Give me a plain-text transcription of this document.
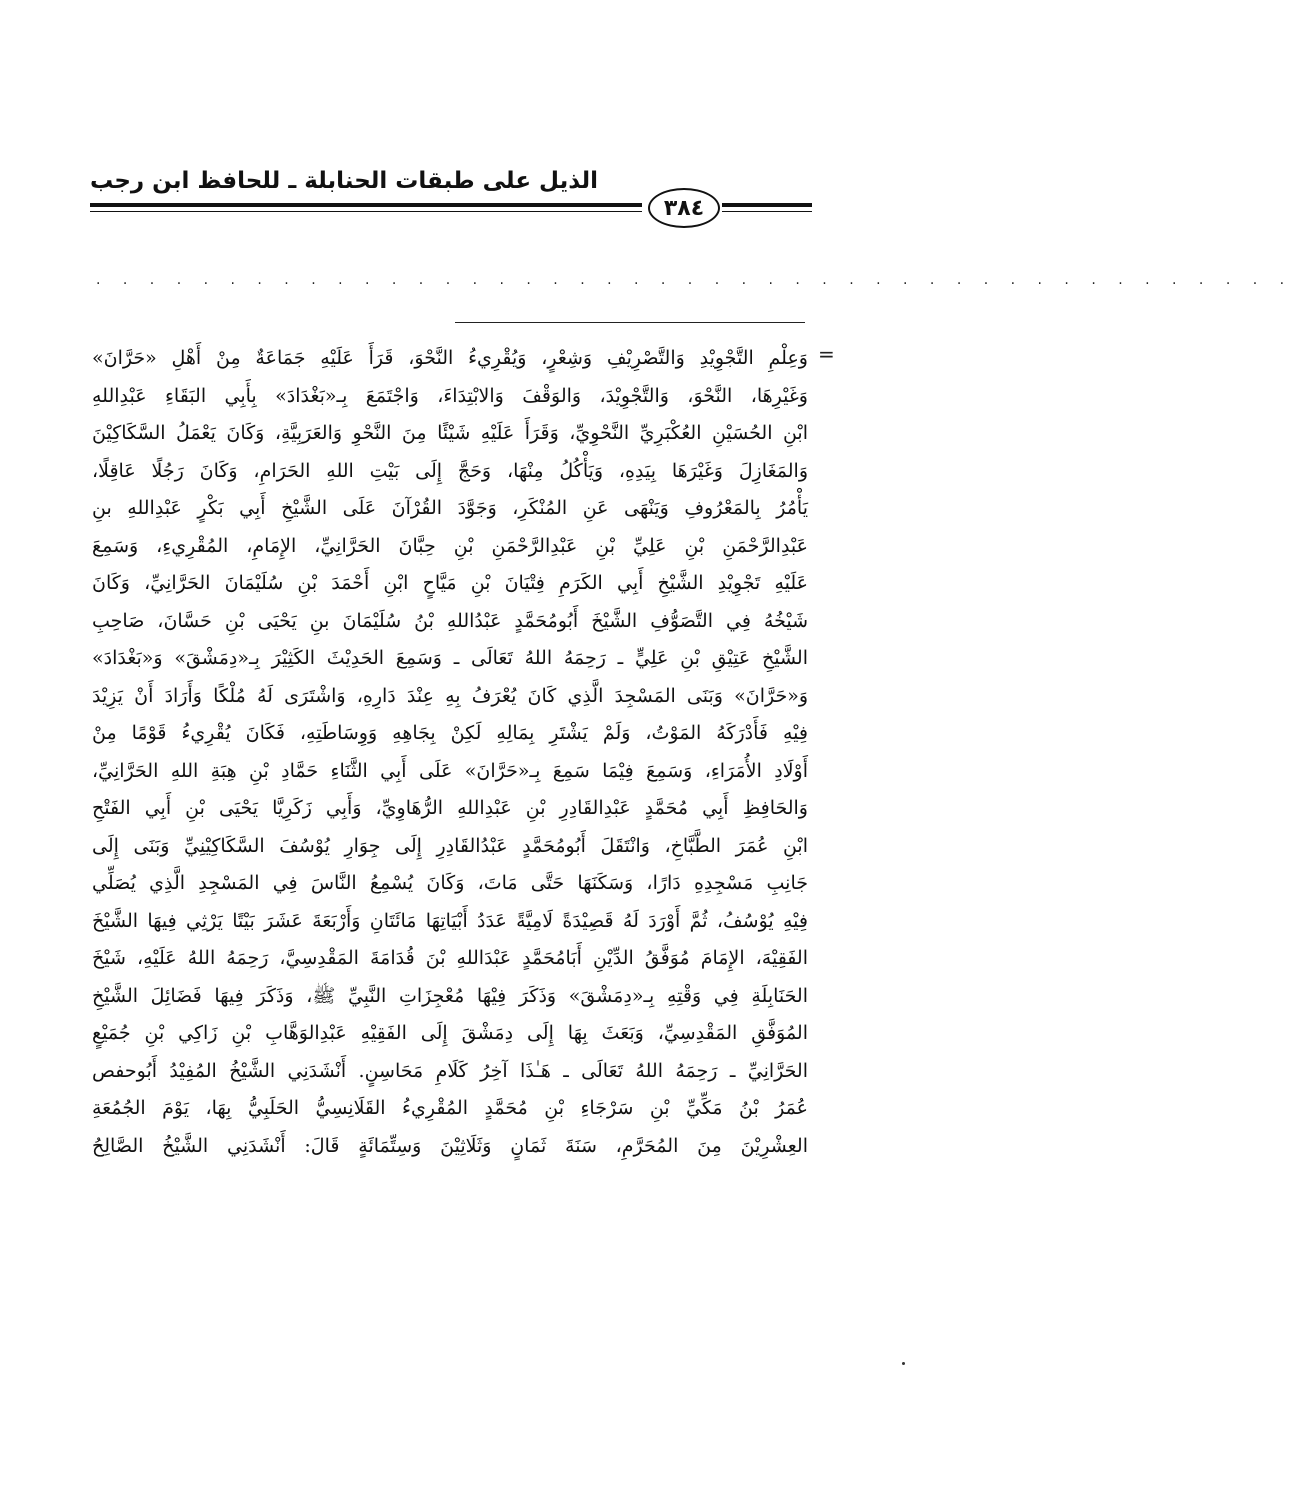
الذيل على طبقات الحنابلة ـ للحافظ ابن رجب
٣٨٤
. . . . . . . . . . . . . . . . . . . . . . . . . . . . . . . . . . . . . . . . . . . . .
=
وَعِلْمِ التَّجْوِيْدِ وَالتَّصْرِيْفِ وَشِعْرٍ، وَيُقْرِيءُ النَّحْوَ، قَرَأَ عَلَيْهِ جَمَاعَةٌ مِنْ أَهْلِ «حَرَّانَ»
وَغَيْرِهَا، النَّحْوَ، وَالتَّجْوِيْدَ، وَالوَقْفَ وَالابْتِدَاءَ، وَاجْتَمَعَ بِـ«بَغْدَادَ» بِأَبِي البَقَاءِ عَبْدِاللهِ
ابْنِ الحُسَيْنِ العُكْبَرِيِّ النَّحْوِيِّ، وَقَرَأَ عَلَيْهِ شَيْئًا مِنَ النَّحْوِ وَالعَرَبِيَّةِ، وَكَانَ يَعْمَلُ السَّكَاكِيْنَ
وَالمَغَازِلَ وَغَيْرَهَا بِيَدِهِ، وَيَأْكُلُ مِنْهَا، وَحَجَّ إِلَى بَيْتِ اللهِ الحَرَامِ، وَكَانَ رَجُلًا عَاقِلًا،
يَأْمُرُ بِالمَعْرُوفِ وَيَنْهَى عَنِ المُنْكَرِ، وَجَوَّدَ القُرْآنَ عَلَى الشَّيْخِ أَبِي بَكْرٍ عَبْدِاللهِ بنِ
عَبْدِالرَّحْمَنِ بْنِ عَلِيِّ بْنِ عَبْدِالرَّحْمَنِ بْنِ حِبَّانَ الحَرَّانِيِّ، الإِمَامِ، المُقْرِيءِ، وَسَمِعَ
عَلَيْهِ تَجْوِيْدِ الشَّيْخِ أَبِي الكَرَمِ فِتْيَانَ بْنِ مَيَّاحٍ ابْنِ أَحْمَدَ بْنِ سُلَيْمَانَ الحَرَّانِيِّ، وَكَانَ
شَيْخُهُ فِي التَّصَوُّفِ الشَّيْخَ أَبُومُحَمَّدٍ عَبْدُاللهِ بْنُ سُلَيْمَانَ بنِ يَحْيَى بْنِ حَسَّانَ، صَاحِبِ
الشَّيْخِ عَتِيْقِ بْنِ عَلِيٍّ ـ رَحِمَهُ اللهُ تَعَالَى ـ وَسَمِعَ الحَدِيْثَ الكَثِيْرَ بِـ«دِمَشْقَ» وَ«بَغْدَادَ»
وَ«حَرَّانَ» وَبَنَى المَسْجِدَ الَّذِي كَانَ يُعْرَفُ بِهِ عِنْدَ دَارِهِ، وَاشْتَرَى لَهُ مُلْكًا وَأَرَادَ أَنْ يَزِيْدَ
فِيْهِ فَأَدْرَكَهُ المَوْتُ، وَلَمْ يَشْتَرِ بِمَالِهِ لَكِنْ بِجَاهِهِ وَوِسَاطَتِهِ، فَكَانَ يُقْرِيءُ قَوْمًا مِنْ
أَوْلَادِ الأُمَرَاءِ، وَسَمِعَ فِيْمَا سَمِعَ بِـ«حَرَّانَ» عَلَى أَبِي الثَّنَاءِ حَمَّادِ بْنِ هِبَةِ اللهِ الحَرَّانِيِّ،
وَالحَافِظِ أَبِي مُحَمَّدٍ عَبْدِالقَادِرِ بْنِ عَبْدِاللهِ الرُّهَاوِيِّ، وَأَبِي زَكَرِيَّا يَحْيَى بْنِ أَبِي الفَتْحِ
ابْنِ عُمَرَ الطَّبَّاخِ، وَانْتَقَلَ أَبُومُحَمَّدٍ عَبْدُالقَادِرِ إِلَى جِوَارِ يُوْسُفَ السَّكَاكِيْنِيِّ وَبَنَى إِلَى
جَانِبِ مَسْجِدِهِ دَارًا، وَسَكَنَهَا حَتَّى مَاتَ، وَكَانَ يُسْمِعُ النَّاسَ فِي المَسْجِدِ الَّذِي يُصَلِّي
فِيْهِ يُوْسُفُ، ثُمَّ أَوْرَدَ لَهُ قَصِيْدَةً لَامِيَّةً عَدَدُ أَبْيَاتِهَا مَائَتَانِ وَأَرْبَعَةَ عَشَرَ بَيْتًا يَرْثِي فِيهَا الشَّيْخَ
الفَقِيْهَ، الإِمَامَ مُوَفَّقُ الدِّيْنِ أَبَامُحَمَّدٍ عَبْدَاللهِ بْنَ قُدَامَةَ المَقْدِسِيَّ، رَحِمَهُ اللهُ عَلَيْهِ، شَيْخَ
الحَنَابِلَةِ فِي وَقْتِهِ بِـ«دِمَشْقَ» وَذَكَرَ فِيْهَا مُعْجِزَاتِ النَّبِيِّ ﷺ، وَذَكَرَ فِيهَا فَضَائِلَ الشَّيْخِ
المُوَفَّقِ المَقْدِسِيِّ، وَبَعَثَ بِهَا إِلَى دِمَشْقَ إِلَى الفَقِيْهِ عَبْدِالوَهَّابِ بْنِ زَاكِي بْنِ جُمَيْعٍ
الحَرَّانِيِّ ـ رَحِمَهُ اللهُ تَعَالَى ـ هَـٰذَا آخِرُ كَلَامِ مَحَاسِنٍ. أَنْشَدَنِي الشَّيْخُ المُفِيْدُ أَبُوحفص
عُمَرُ بْنُ مَكِّيِّ بْنِ سَرْجَاءِ بْنِ مُحَمَّدٍ المُقْرِيءُ القَلَانِسِيُّ الحَلَبِيُّ بِهَا، يَوْمَ الجُمُعَةِ
العِشْرِيْنَ مِنَ المُحَرَّمِ، سَنَةَ ثَمَانٍ وَثَلَاثِيْنَ وَسِتِّمَائَةٍ قَالَ: أَنْشَدَنِي الشَّيْخُ الصَّالِحُ
